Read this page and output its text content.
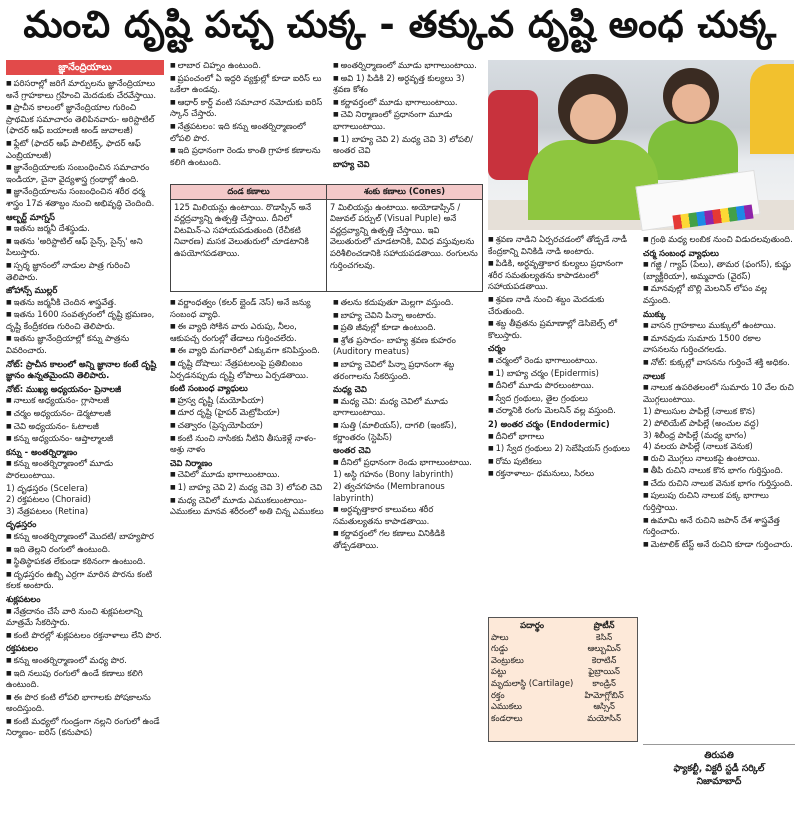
మంచి దృష్టి పచ్చ చుక్క - తక్కువ దృష్టి అంధ చుక్క
జ్ఞానేంద్రియాలు
■ పరిసరాల్లో జరిగే మార్పులను జ్ఞానేంద్రియాలు అనే గ్రాహకాలు గ్రహించి మెదడుకు చేరవేస్తాయి.
■ ప్రాచీన కాలంలో జ్ఞానేంద్రియాల గురించి ప్రాథమిక సమాచారం తెలిపినవారు- అరిస్టాటిల్ (ఫాదర్ ఆఫ్ బయాలజీ అండ్ జువాలజీ)
■ ఫ్లేటో (ఫాదర్ ఆఫ్ పాలిటిక్స్, ఫాదర్ ఆఫ్ ఎంబ్రియాలజీ)
■ జ్ఞానేంద్రియాలకు సంబంధించిన సమాచారం ఇండియా, చైనా వైద్యశాస్త్ర గ్రంథాల్లో ఉంది.
■ జ్ఞానేంద్రియాలను సంబంధించిన శరీర ధర్మ శాస్త్రం 17వ శతాబ్దం నుంచి అభివృద్ధి చెందింది.
ఆల్బర్ట్ మాగ్నస్
■ ఇతను జర్మనీ దేశస్థుడు.
■ ఇతను 'అరిస్టాటిల్ ఆఫ్ సైన్స్, సైన్స్' అని పిలుస్తారు.
■ స్పర్శ జ్ఞానంలో నాడుల పాత్ర గురించి తెలిపారు.
జోహాన్స్ ముల్లర్
■ ఇతను జర్మనీకి చెందిన శాస్త్రవేత్త.
■ ఇతను 1600 సంవత్సరంలో దృష్టి భ్రమణం, దృష్టి కేంద్రీకరణ గురించి తెలిపారు.
■ ఇతను జ్ఞానేంద్రియాల్లో కన్ను పాత్రను వివరించారు.
నోట్: ప్రాచీన కాలంలో అన్ని జ్ఞానాల కంటే దృష్టి జ్ఞానం ఉన్నతమైందని తెలిపారు.
నోట్: ముఖ్య అధ్యయనం- ప్రెనాలజీ
■ నాలుక అధ్యయనం- గ్లాసాలజీ
■ చర్మం అధ్యయనం- డెర్మటాలజీ
■ చెవి అధ్యయనం- ఓటాలజీ
■ కన్ను అధ్యయనం- ఆప్తాల్మాలజీ
కన్ను - అంతర్నిర్మాణం
■ కన్ను అంతర్నిర్మాణంలో మూడు పొరలుంటాయి.
1) దృఢస్తరం (Scelera)
2) రక్తపటలం (Choraid)
3) నేత్రపటలం (Retina)
దృఢస్తరం
■ కన్ను అంతర్నిర్మాణంలో మొదటి/ బాహ్యపొర
■ ఇది తెల్లని రంగులో ఉంటుంది.
■ స్థితిస్థాపకత లేకుండా కఠినంగా ఉంటుంది.
■ దృఢస్తరం ఉబ్బి ఎర్రగా మారిన పొరను కంటి కలక అంటారు.
శుక్లపటలం
■ నేత్రదానం చేసే వారి నుంచి శుక్లపటలాన్ని మాత్రమే సేకరిస్తారు.
■ కంటి పొరల్లో శుక్లపటలం రక్తనాళాలు లేని పొర.
రక్తపటలం
■ కన్ను అంతర్నిర్మాణంలో మధ్య పొర.
■ ఇది నలుపు రంగులో ఉండే కణాలు కలిగి ఉంటుంది.
■ ఈ పొర కంటి లోపలి భాగాలకు పోషకాలను అందిస్తుంది.
■ కంటి మధ్యలో గుండ్రంగా నల్లని రంగులో ఉండే నిర్మాణం- ఐరిస్ (కనుపాప)
■ లాబార చిహ్నం ఉంటుంది.
■ ప్రపంచంలో ఏ ఇద్దరి వ్యక్తుల్లో కూడా ఐరిస్ లు ఒకేలా ఉండవు.
■ ఆధార్ కార్డ్ వంటి సమాచార నమోదుకు ఐరిస్ స్కాన్ చేస్తారు.
■ నేత్రపటలం: ఇది కన్ను అంతర్నిర్మాణంలో లోపలి పొర.
■ ఇది ప్రధానంగా రెండు కాంతి గ్రాహక కణాలను కలిగి ఉంటుంది.
■ అంతర్నిర్మాణంలో మూడు భాగాలుంటాయి.
■ అవి 1) పిడికి 2) అర్ధవృత్త కుల్యలు 3) శ్రవణ కోశం
■ కర్ణావర్తంలో మూడు భాగాలుంటాయి.
■ చెవి నిర్మాణంలో ప్రధానంగా మూడు భాగాలుంటాయి.
■ 1) బాహ్య చెవి 2) మధ్య చెవి 3) లోపలి/ అంతర చెవి
బాహ్య చెవి
దండ కణాలు	శంకు కణాలు (Cones)
125 మిలియన్లు ఉంటాయి. రొడాప్సిన్ అనే వర్ణద్రవ్యాన్ని ఉత్పత్తి చేస్తాయి. దీనిలో విటమిన్-ఎ సహాయపడుతుంది (రేచీకటి నివారణ) మసక వెలుతురులో చూడటానికి ఉపయోగపడతాయి.
7 మిలియన్లు ఉంటాయి. అయోడాప్సిన్ / విజువల్ పర్పుల్ (Visual Puple) అనే వర్ణద్రవ్యాన్ని ఉత్పత్తి చేస్తాయి. ఇవి వెలుతురులో చూడటానికి, వివిధ వస్తువులను పరిశీలించడానికి సహాయపడతాయి. రంగులను గుర్తించగలవు.
■ వర్ణాంధత్వం (కలర్ బ్లైండ్ నెస్) అనే జన్యు సంబంధ వ్యాధి.
■ ఈ వ్యాధి సోకిన వారు ఎరుపు, నీలం, ఆకుపచ్చ రంగుల్లో తేడాలు గుర్తించలేరు.
■ ఈ వ్యాధి మగవారిలో ఎక్కువగా కనిపిస్తుంది.
■ దృష్టి దోషాలు: నేత్రపటలంపై ప్రతిబింబం ఏర్పడనప్పుడు దృష్టి లోపాలు ఏర్పడతాయి.
కంటి సంబంధ వ్యాధులు
■ హ్రస్వ దృష్టి (మయోపియా)
■ దూర దృష్టి (హైపర్ మెట్రోపియా)
■ చత్వారం (ప్రెస్బయోపియా)
■ కంటి నుంచి నాసికకు నీటిని తీసుకెళ్లే నాళం- అశ్రు నాళం
చెవి నిర్మాణం
■ చెవిలో మూడు భాగాలుంటాయి.
■ 1) బాహ్య చెవి 2) మధ్య చెవి 3) లోపలి చెవి
■ మధ్య చెవిలో మూడు ఎముకలుంటాయి- ఎముకలు మానవ శరీరంలో అతి చిన్న ఎముకలు
■ తలను కదుపుతూ మెల్లగా వస్తుంది.
■ బాహ్య చెవిని పిన్నా అంటారు.
■ ప్రతి జీవుల్లో కూడా ఉంటుంది.
■ శ్రోత ప్రసాదం- బాహ్య శ్రవణ కుహరం (Auditory meatus)
■ బాహ్య చెవిలో పిన్నా ప్రధానంగా శబ్ద తరంగాలను సేకరిస్తుంది.
మధ్య చెవి
■ మధ్య చెవి: మధ్య చెవిలో మూడు భాగాలుంటాయి.
■ సుత్తి (మాలియస్), దాగలి (ఇంకస్), కర్ణాంతరం (స్టెపిస్)
అంతర చెవి
■ దీనిలో ప్రధానంగా రెండు భాగాలుంటాయి.
1) అస్థి గహనం (Bony labyrinth)
2) త్వచగహనం (Membranous labyrinth)
■ అర్ధవృత్తాకార కాలువలు శరీర సమతుల్యతను కాపాడతాయి.
■ కర్ణావర్తంలో గల కణాలు వినికిడికి తోడ్పడతాయి.
■ శ్రవణ నాడిని ఏర్పరచడంలో తోడ్పడే నాడీ కేంద్రకాన్ని వినికిడి నాడి అంటారు.
■ పిడికి, అర్ధవృత్తాకార కుల్యలు ప్రధానంగా శరీర సమతుల్యతను కాపాడటంలో సహాయపడతాయి.
■ శ్రవణ నాడి నుంచి శబ్దం మెదడుకు చేరుతుంది.
■ శబ్ద తీవ్రతను ప్రమాణాల్లో డెసిబెల్స్ లో కొలుస్తారు.
చర్మం
■ చర్మంలో రెండు భాగాలుంటాయి.
■ 1) బాహ్య చర్మం (Epidermis)
■ దీనిలో మూడు పొరలుంటాయి.
■ స్వేద గ్రంథులు, తైల గ్రంథులు
■ చర్మానికి రంగు మెలనిన్ వల్ల వస్తుంది.
2) అంతర చర్మం (Endodermic)
■ దీనిలో భాగాలు
■ 1) స్వేద గ్రంథులు 2) సెబేషియస్ గ్రంథులు
■ రోమ పుటికలు
■ రక్తనాళాలు- ధమనులు, సిరలు
పదార్థం
పాలు
గుడ్డు
వెంట్రుకలు
పట్టు
మృదులాస్థి (Cartilage)
రక్తం
ఎముకలు
కండరాలు
ప్రొటీన్
కెసిన్
ఆల్బుమిన్
కెరాటిన్
ఫైబ్రాయిన్
కాండ్రిన్
హిమోగ్లోబిన్
ఆస్సిన్
మయోసిన్
■ గ్రంథి మధ్య లంబిక నుంచి విడుదలవుతుంది.
చర్మ సంబంధ వ్యాధులు
■ గజ్జి / గ్యాప్ (పేలు), తామర (ఫంగస్), కుష్టు (బ్యాక్టీరియా), అమ్మవారు (వైరస్)
■ మానవుల్లో బొల్లి మెలనిన్ లోపం వల్ల వస్తుంది.
ముక్కు
■ వాసన గ్రాహకాలు ముక్కులో ఉంటాయి.
■ మానవుడు సుమారు 1500 రకాల వాసనలను గుర్తించగలడు.
■ నోట్: కుక్కల్లో వాసనను గుర్తించే శక్తి అధికం.
నాలుక
■ నాలుక ఉపరితలంలో సుమారు 10 వేల రుచి మొగ్గలుంటాయి.
1) పొలుసుల పాపిల్లే (నాలుక కొన)
2) పోలియేట్ పాపిల్లే (అంచుల వద్ద)
3) శిలీంధ్ర పాపిల్లే (మధ్య భాగం)
4) వలయ పాపిల్లే (నాలుక వెనుక)
■ రుచి మొగ్గలు నాలుకపై ఉంటాయి.
■ తీపి రుచిని నాలుక కొన భాగం గుర్తిస్తుంది.
■ చేదు రుచిని నాలుక వెనుక భాగం గుర్తిస్తుంది.
■ పులుపు రుచిని నాలుక పక్క భాగాలు గుర్తిస్తాయి.
■ ఉమామి అనే రుచిని జపాన్ దేశ శాస్త్రవేత్త గుర్తించారు.
■ మెటాలిక్ టేస్ట్ అనే రుచిని కూడా గుర్తించారు.
తిరుపతి
ఫ్యాకల్టీ, విక్టరీ స్టడీ సర్కిల్
నిజామాబాద్
